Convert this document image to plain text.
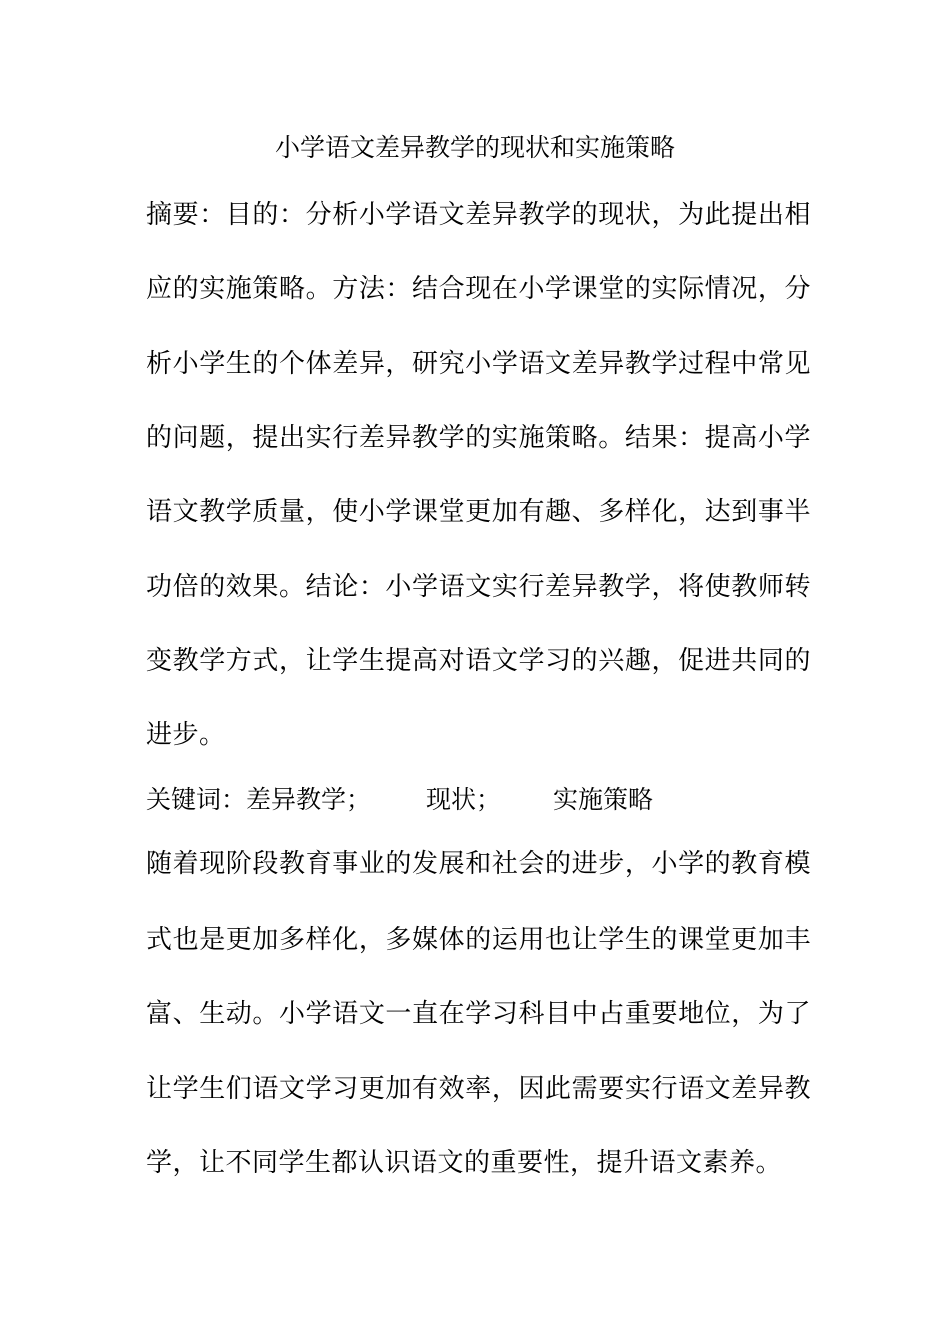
小学语文差异教学的现状和实施策略
摘要：目的：分析小学语文差异教学的现状，为此提出相
应的实施策略。方法：结合现在小学课堂的实际情况，分
析小学生的个体差异，研究小学语文差异教学过程中常见
的问题，提出实行差异教学的实施策略。结果：提高小学
语文教学质量，使小学课堂更加有趣、多样化，达到事半
功倍的效果。结论：小学语文实行差异教学，将使教师转
变教学方式，让学生提高对语文学习的兴趣，促进共同的
进步。
关键词： 差异教学； 现状； 实施策略
随着现阶段教育事业的发展和社会的进步，小学的教育模
式也是更加多样化，多媒体的运用也让学生的课堂更加丰
富、生动。小学语文一直在学习科目中占重要地位，为了
让学生们语文学习更加有效率，因此需要实行语文差异教
学，让不同学生都认识语文的重要性，提升语文素养。
